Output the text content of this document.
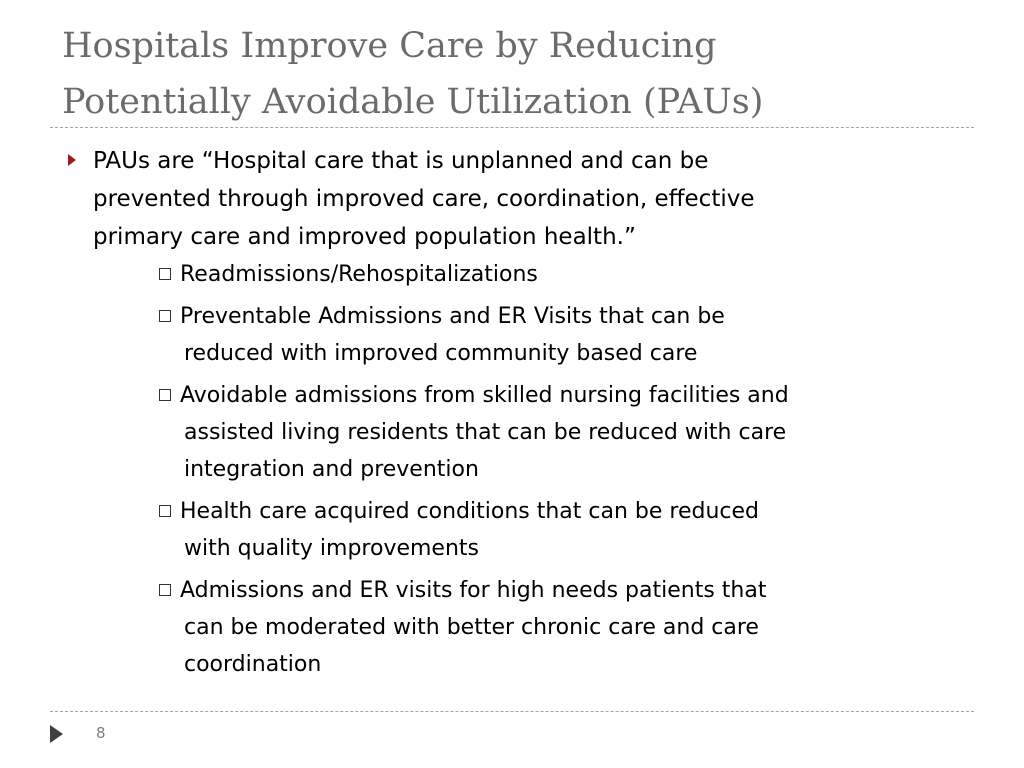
Hospitals Improve Care by Reducing
Potentially Avoidable Utilization (PAUs)
PAUs are “Hospital care that is unplanned and can be
prevented through improved care, coordination, effective
primary care and improved population health.”
Readmissions/Rehospitalizations
Preventable Admissions and ER Visits that can be
reduced with improved community based care
Avoidable admissions from skilled nursing facilities and
assisted living residents that can be reduced with care
integration and prevention
Health care acquired conditions that can be reduced
with quality improvements
Admissions and ER visits for high needs patients that
can be moderated with better chronic care and care
coordination
8
